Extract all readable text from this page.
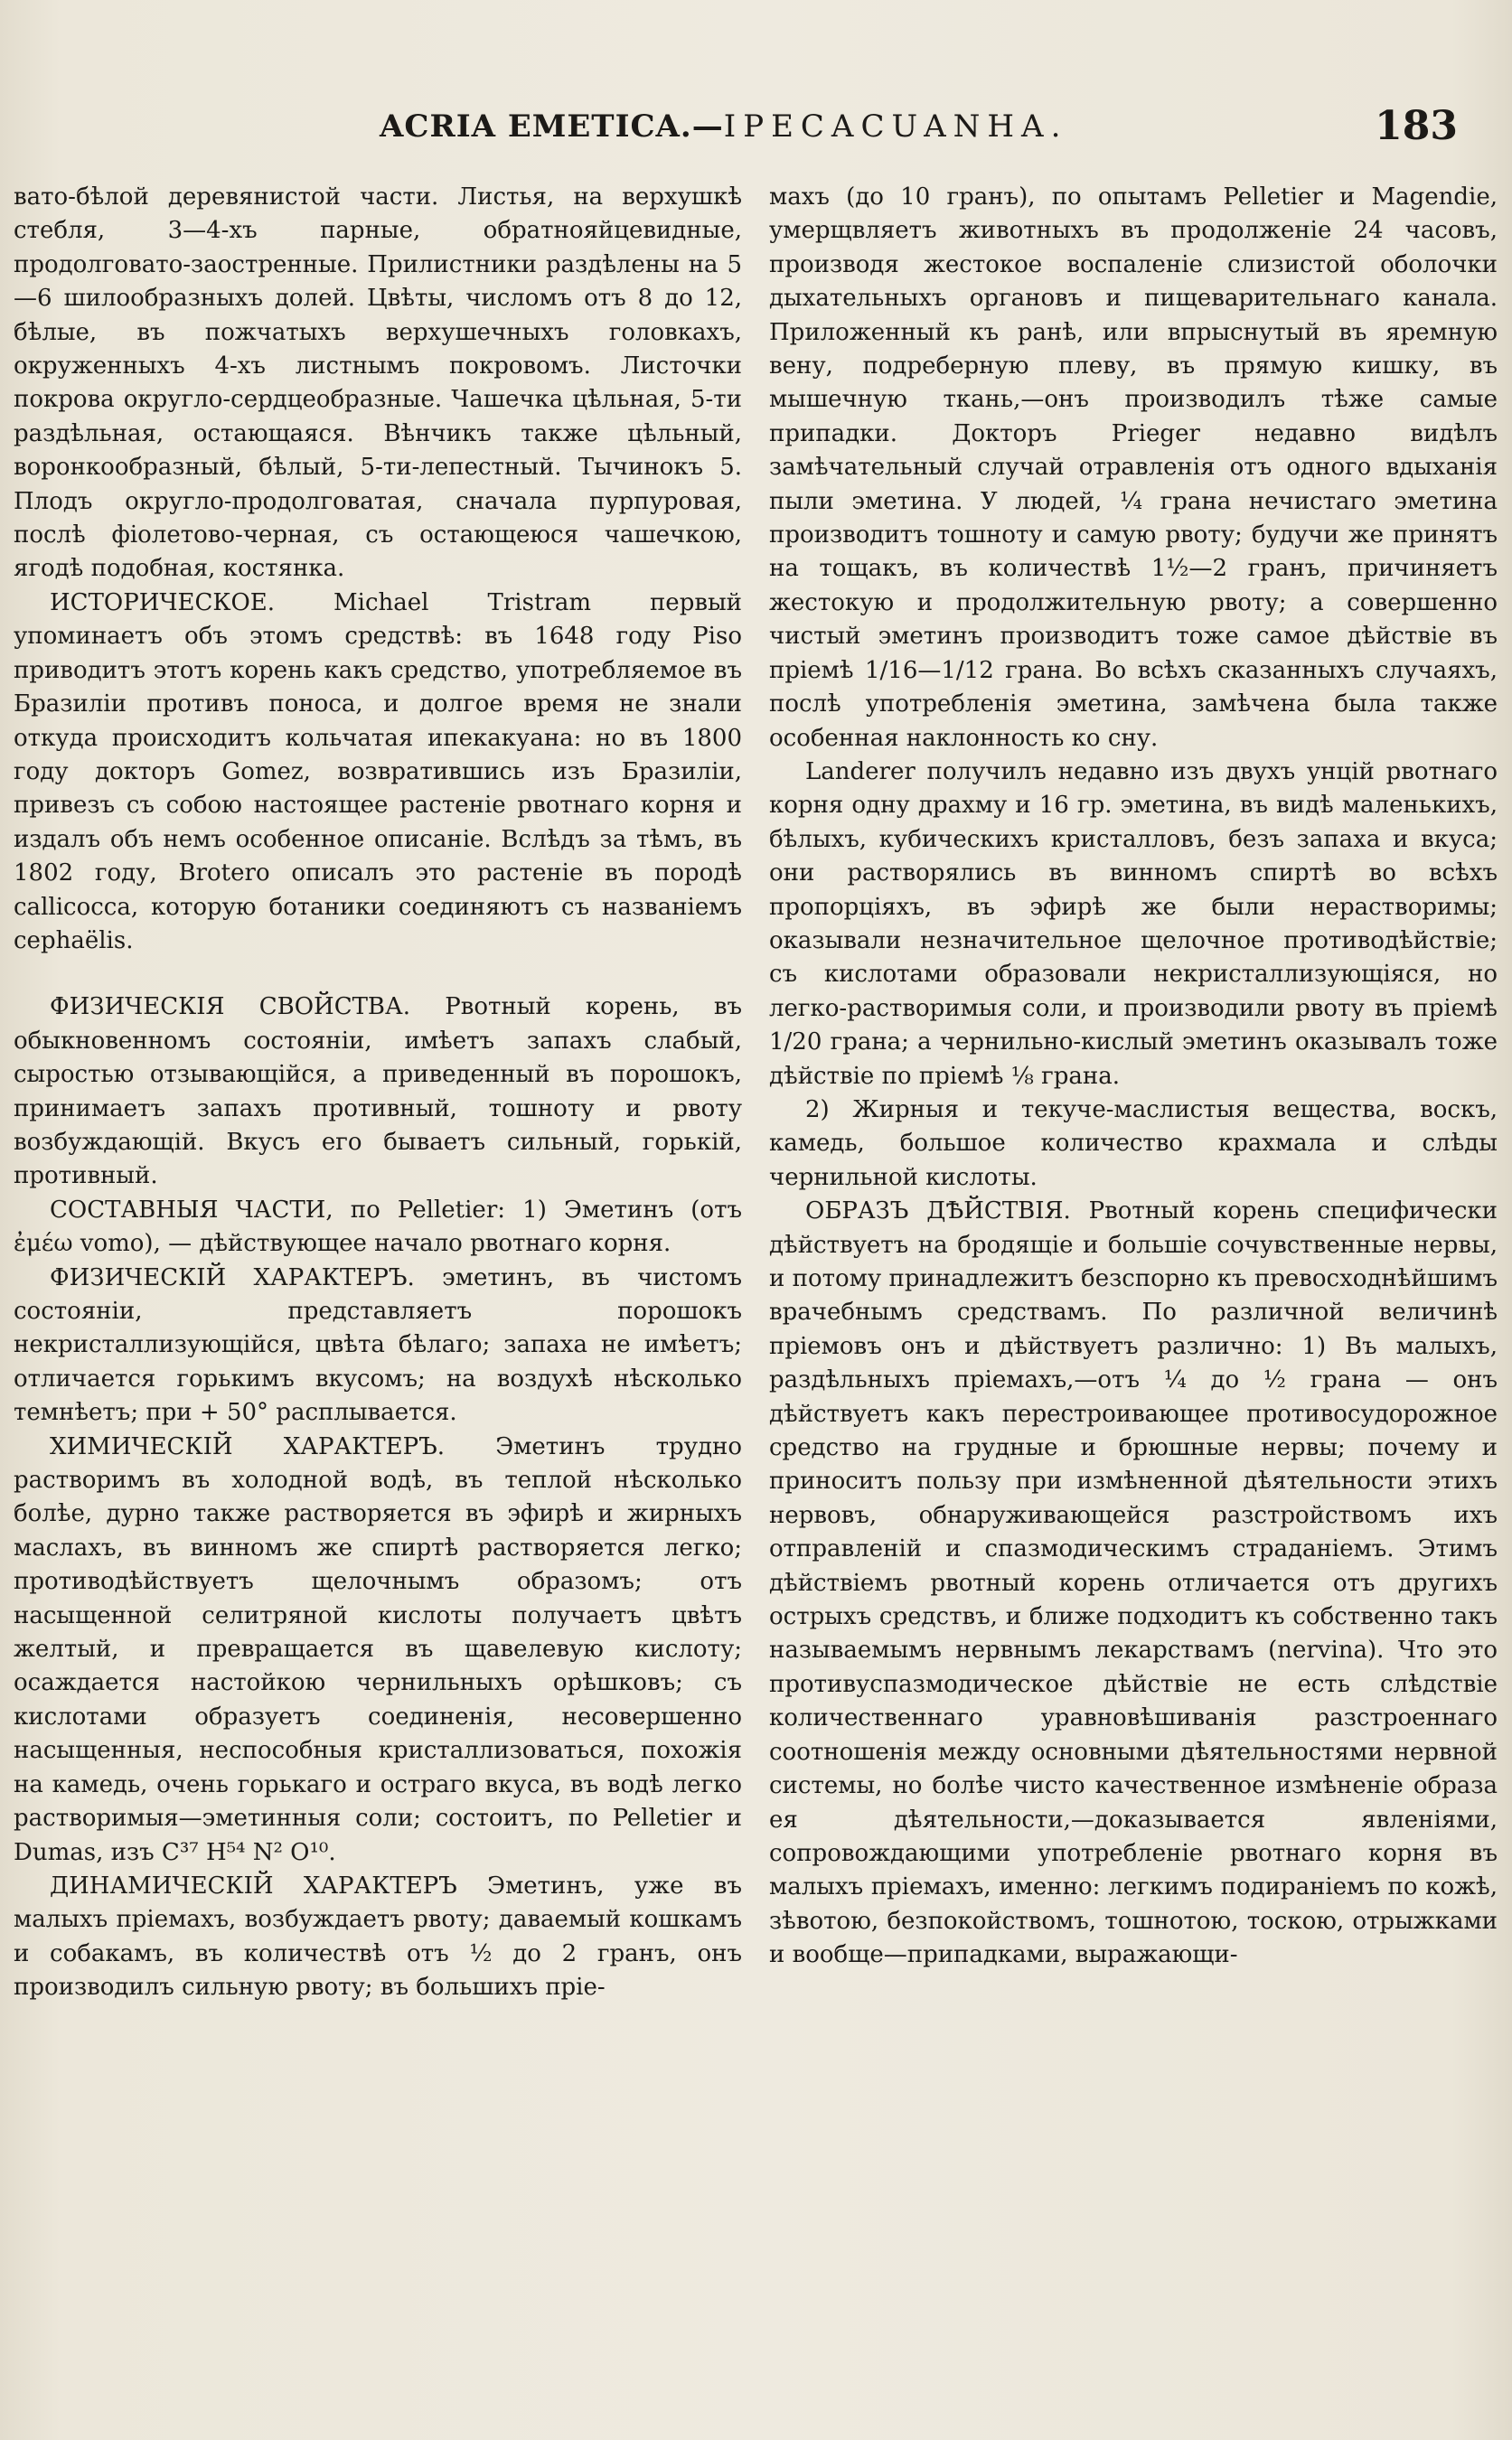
ACRIA EMETICA.—IPECACUANHA.	183

вато-бѣлой деревянистой части. Листья, на верхушкѣ стебля, 3—4-хъ парные, обратнояйцевидные, продолговато-заостренные. Прилистники раздѣлены на 5—6 шилообразныхъ долей. Цвѣты, числомъ отъ 8 до 12, бѣлые, въ пожчатыхъ верхушечныхъ головкахъ, окруженныхъ 4-хъ листнымъ покровомъ. Листочки покрова округло-сердцеобразные. Чашечка цѣльная, 5-ти раздѣльная, остающаяся. Вѣнчикъ также цѣльный, воронкообразный, бѣлый, 5-ти-лепестный. Тычинокъ 5. Плодъ округло-продолговатая, сначала пурпуровая, послѣ фіолетово-черная, съ остающеюся чашечкою, ягодѣ подобная, костянка.

ИСТОРИЧЕСКОЕ. Michael Tristram первый упоминаетъ объ этомъ средствѣ: въ 1648 году Piso приводитъ этотъ корень какъ средство, употребляемое въ Бразиліи противъ поноса, и долгое время не знали откуда происходитъ кольчатая ипекакуана: но въ 1800 году докторъ Gomez, возвратившись изъ Бразиліи, привезъ съ собою настоящее растеніе рвотнаго корня и издалъ объ немъ особенное описаніе. Вслѣдъ за тѣмъ, въ 1802 году, Brotero описалъ это растеніе въ породѣ callicocca, которую ботаники соединяютъ съ названіемъ cephaëlis.

ФИЗИЧЕСКІЯ СВОЙСТВА. Рвотный корень, въ обыкновенномъ состояніи, имѣетъ запахъ слабый, сыростью отзывающійся, а приведенный въ порошокъ, принимаетъ запахъ противный, тошноту и рвоту возбуждающій. Вкусъ его бываетъ сильный, горькій, противный.

СОСТАВНЫЯ ЧАСТИ, по Pelletier: 1) Эметинъ (отъ ἐμέω vomo), — дѣйствующее начало рвотнаго корня.

ФИЗИЧЕСКІЙ ХАРАКТЕРЪ. эметинъ, въ чистомъ состояніи, представляетъ порошокъ некристаллизующійся, цвѣта бѣлаго; запаха не имѣетъ; отличается горькимъ вкусомъ; на воздухѣ нѣсколько темнѣетъ; при + 50° расплывается.

ХИМИЧЕСКІЙ ХАРАКТЕРЪ. Эметинъ трудно растворимъ въ холодной водѣ, въ теплой нѣсколько болѣе, дурно также растворяется въ эфирѣ и жирныхъ маслахъ, въ винномъ же спиртѣ растворяется легко; противодѣйствуетъ щелочнымъ образомъ; отъ насыщенной селитряной кислоты получаетъ цвѣтъ желтый, и превращается въ щавелевую кислоту; осаждается настойкою чернильныхъ орѣшковъ; съ кислотами образуетъ соединенія, несовершенно насыщенныя, неспособныя кристаллизоваться, похожія на камедь, очень горькаго и остраго вкуса, въ водѣ легко растворимыя—эметинныя соли; состоитъ, по Pelletier и Dumas, изъ C³⁷ H⁵⁴ N² O¹⁰.

ДИНАМИЧЕСКІЙ ХАРАКТЕРЪ Эметинъ, уже въ малыхъ пріемахъ, возбуждаетъ рвоту; даваемый кошкамъ и собакамъ, въ количествѣ отъ ½ до 2 гранъ, онъ производилъ сильную рвоту; въ большихъ прie-

махъ (до 10 гранъ), по опытамъ Pelletier и Magendie, умерщвляетъ животныхъ въ продолженіе 24 часовъ, производя жестокое воспаленіе слизистой оболочки дыхательныхъ органовъ и пищеварительнаго канала. Приложенный къ ранѣ, или впрыснутый въ яремную вену, подреберную плеву, въ прямую кишку, въ мышечную ткань,—онъ производилъ тѣже самые припадки. Докторъ Prieger недавно видѣлъ замѣчательный случай отравленія отъ одного вдыханія пыли эметина. У людей, ¼ грана нечистаго эметина производитъ тошноту и самую рвоту; будучи же принятъ на тощакъ, въ количествѣ 1½—2 гранъ, причиняетъ жестокую и продолжительную рвоту; а совершенно чистый эметинъ производитъ тоже самое дѣйствіе въ пріемѣ 1/16—1/12 грана. Во всѣхъ сказанныхъ случаяхъ, послѣ употребленія эметина, замѣчена была также особенная наклонность ко сну.

Landerer получилъ недавно изъ двухъ унцій рвотнаго корня одну драхму и 16 гр. эметина, въ видѣ маленькихъ, бѣлыхъ, кубическихъ кристалловъ, безъ запаха и вкуса; они растворялись въ винномъ спиртѣ во всѣхъ пропорціяхъ, въ эфирѣ же были нерастворимы; оказывали незначительное щелочное противодѣйствіе; съ кислотами образовали некристаллизующіяся, но легко-растворимыя соли, и производили рвоту въ пріемѣ 1/20 грана; а чернильно-кислый эметинъ оказывалъ тоже дѣйствіе по пріемѣ ⅛ грана.

2) Жирныя и текуче-маслистыя вещества, воскъ, камедь, большое количество крахмала и слѣды чернильной кислоты.

ОБРАЗЪ ДѢЙСТВІЯ. Рвотный корень специфически дѣйствуетъ на бродящіе и большіе сочувственные нервы, и потому принадлежитъ безспорно къ превосходнѣйшимъ врачебнымъ средствамъ. По различной величинѣ пріемовъ онъ и дѣйствуетъ различно: 1) Въ малыхъ, раздѣльныхъ пріемахъ,—отъ ¼ до ½ грана — онъ дѣйствуетъ какъ перестроивающее противосудорожное средство на грудные и брюшные нервы; почему и приноситъ пользу при измѣненной дѣятельности этихъ нервовъ, обнаруживающейся разстройствомъ ихъ отправленій и спазмодическимъ страданіемъ. Этимъ дѣйствіемъ рвотный корень отличается отъ другихъ острыхъ средствъ, и ближе подходитъ къ собственно такъ называемымъ нервнымъ лекарствамъ (nervina). Что это противуспазмодическое дѣйствіе не есть слѣдствіе количественнаго уравновѣшиванія разстроеннаго соотношенія между основными дѣятельностями нервной системы, но болѣе чисто качественное измѣненіе образа ея дѣятельности,—доказывается явленіями, сопровождающими употребленіе рвотнаго корня въ малыхъ пріемахъ, именно: легкимъ подираніемъ по кожѣ, зѣвотою, безпокойствомъ, тошнотою, тоскою, отрыжками и вообще—припадками, выражающи-
